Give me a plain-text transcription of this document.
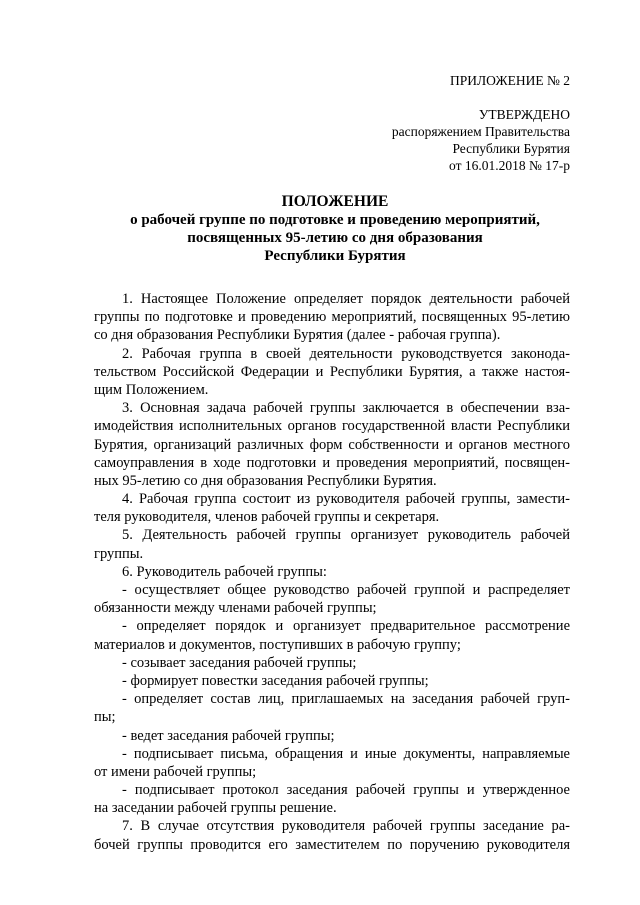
ПРИЛОЖЕНИЕ № 2
УТВЕРЖДЕНО
распоряжением Правительства
Республики Бурятия
от 16.01.2018 № 17-р
ПОЛОЖЕНИЕ
о рабочей группе по подготовке и проведению мероприятий,
посвященных 95-летию со дня образования
Республики Бурятия
1. Настоящее Положение определяет порядок деятельности рабочей
группы по подготовке и проведению мероприятий, посвященных 95-летию
со дня образования Республики Бурятия (далее - рабочая группа).
2. Рабочая группа в своей деятельности руководствуется законода-
тельством Российской Федерации и Республики Бурятия, а также настоя-
щим Положением.
3. Основная задача рабочей группы заключается в обеспечении вза-
имодействия исполнительных органов государственной власти Республики
Бурятия, организаций различных форм собственности и органов местного
самоуправления в ходе подготовки и проведения мероприятий, посвящен-
ных 95-летию со дня образования Республики Бурятия.
4. Рабочая группа состоит из руководителя рабочей группы, замести-
теля руководителя, членов рабочей группы и секретаря.
5. Деятельность рабочей группы организует руководитель рабочей
группы.
6. Руководитель рабочей группы:
- осуществляет общее руководство рабочей группой и распределяет
обязанности между членами рабочей группы;
- определяет порядок и организует предварительное рассмотрение
материалов и документов, поступивших в рабочую группу;
- созывает заседания рабочей группы;
- формирует повестки заседания рабочей группы;
- определяет состав лиц, приглашаемых на заседания рабочей груп-
пы;
- ведет заседания рабочей группы;
- подписывает письма, обращения и иные документы, направляемые
от имени рабочей группы;
- подписывает протокол заседания рабочей группы и утвержденное
на заседании рабочей группы решение.
7. В случае отсутствия руководителя рабочей группы заседание ра-
бочей группы проводится его заместителем по поручению руководителя
